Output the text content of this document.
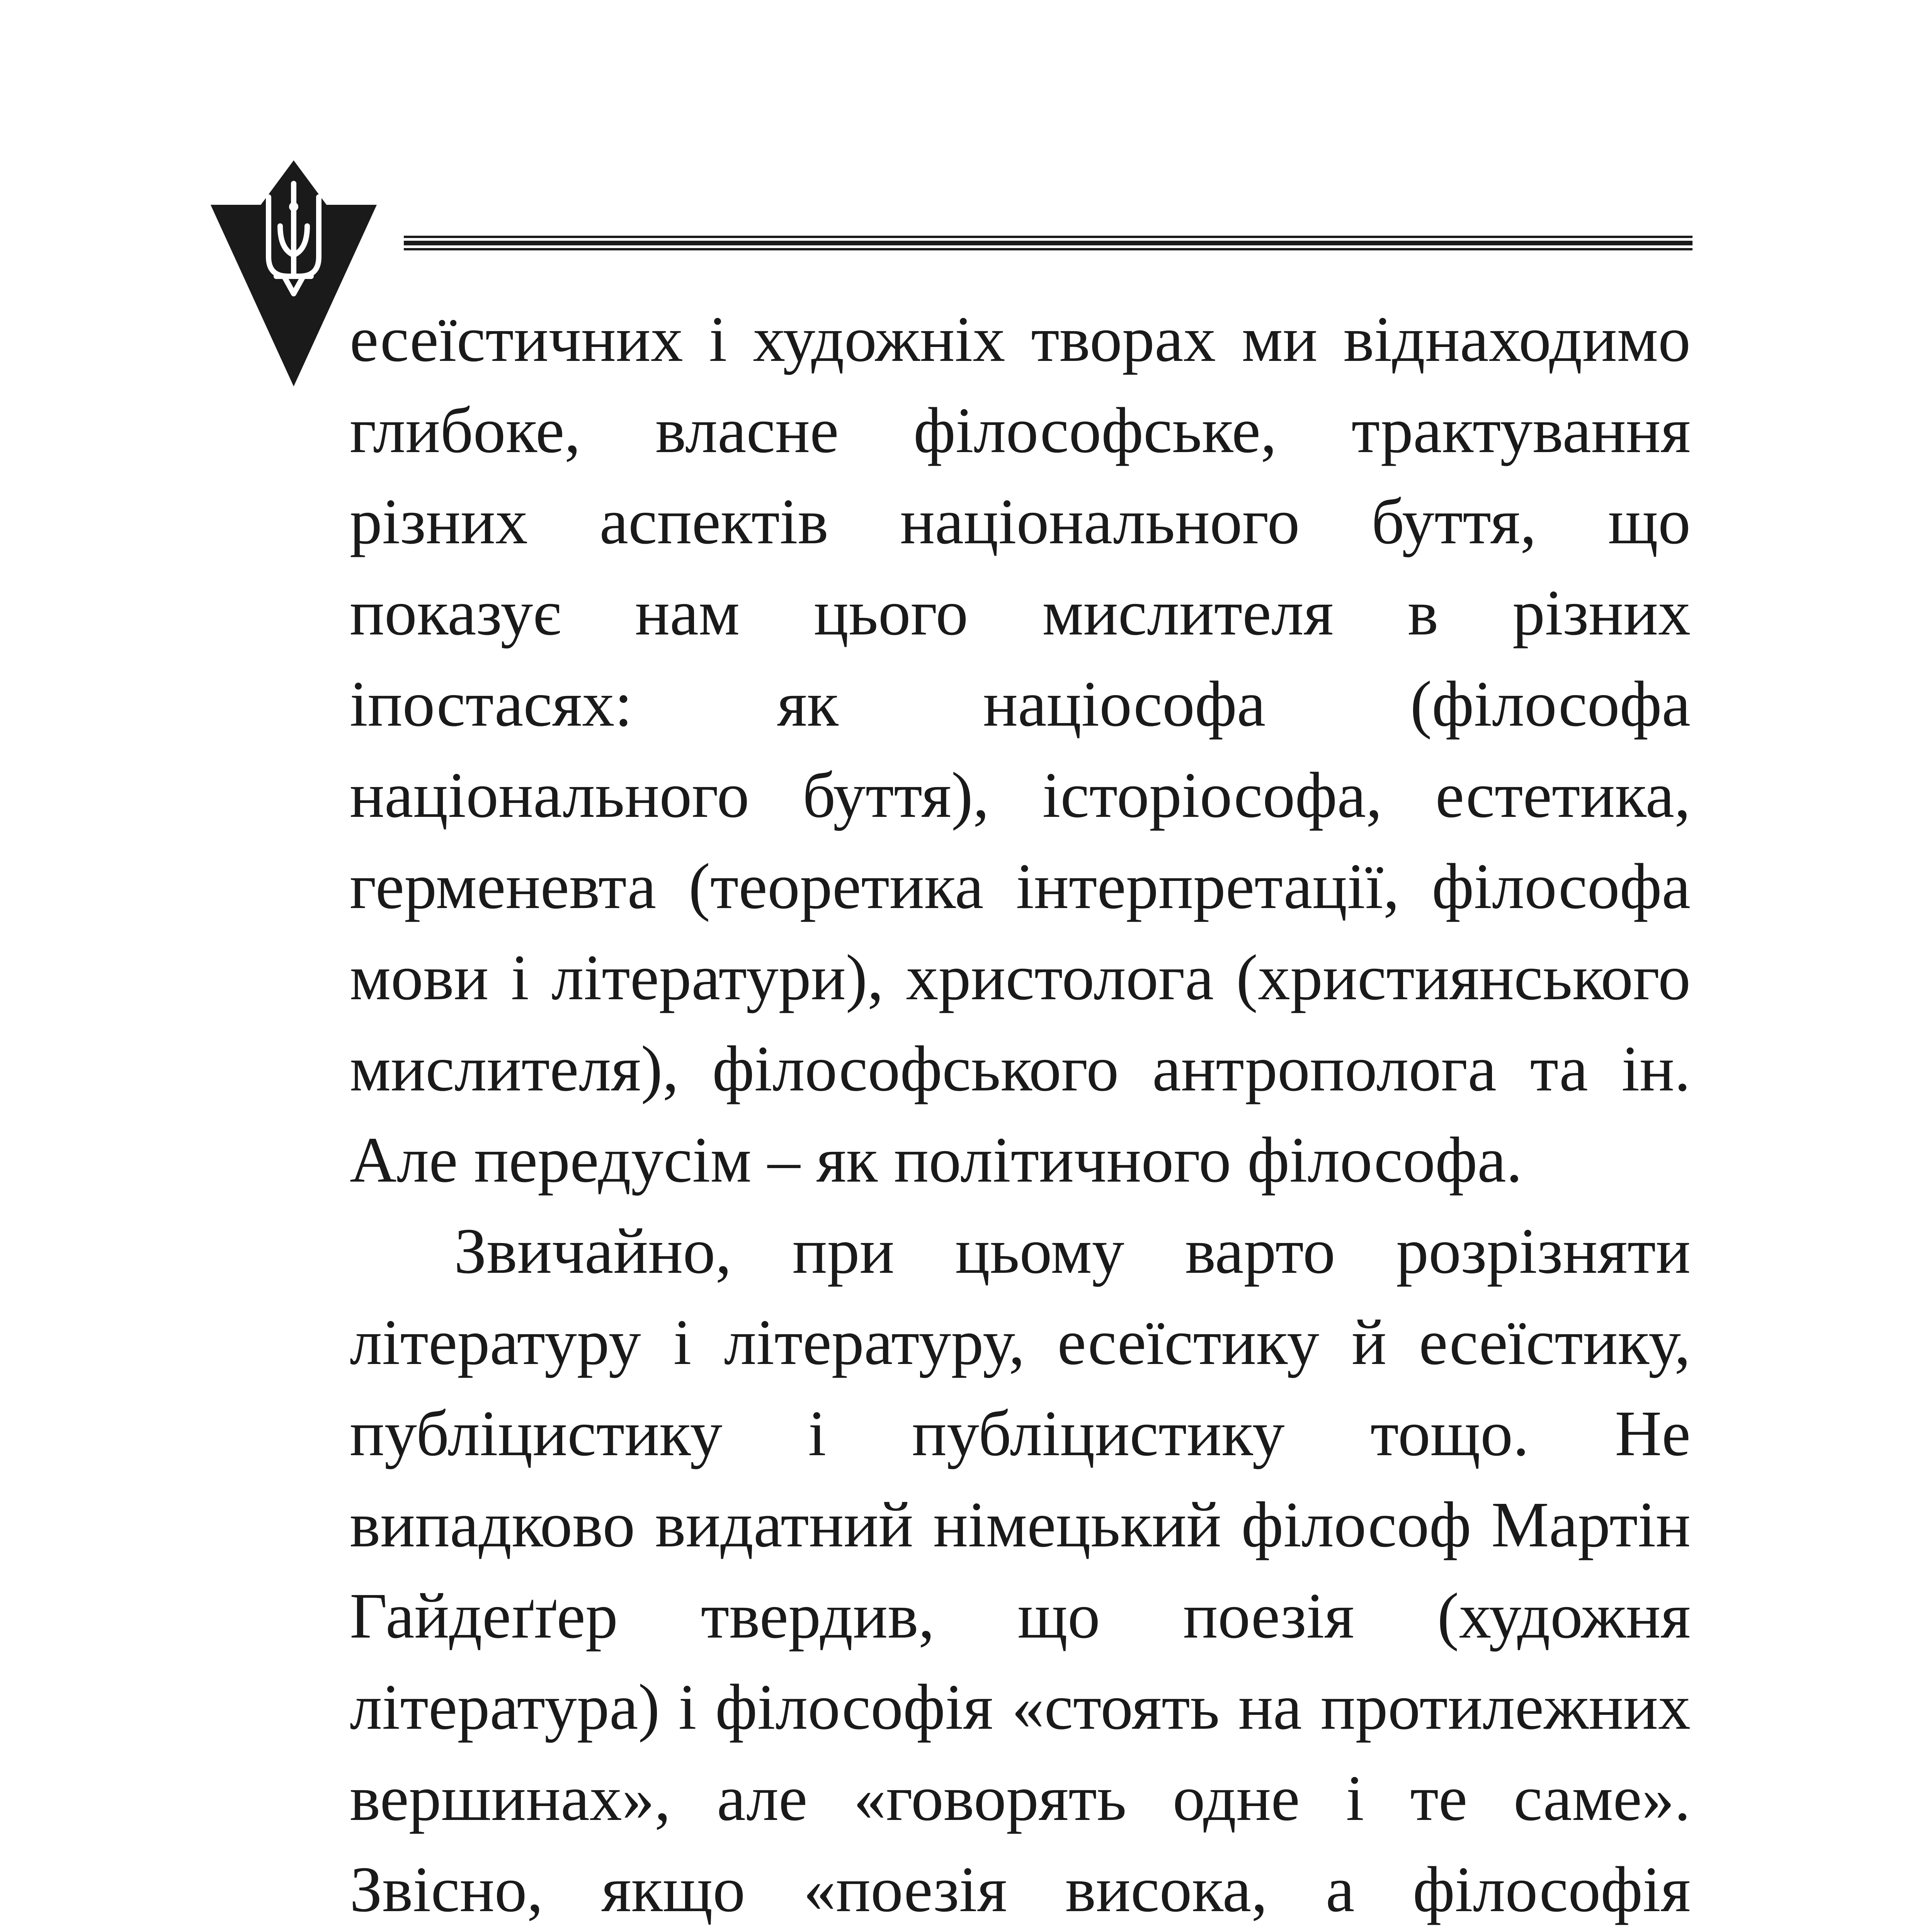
есеїстичних і художніх творах ми віднаходимо глибоке, власне філософське, трактування різних аспектів національного буття, що показує нам цього мислителя в різних іпостасях: як націософа (філософа національного буття), історіософа, естетика, герменевта (теоретика інтерпретації, філософа мови і літератури), христолога (християнського мислителя), філософського антрополога та ін. Але передусім – як політичного філософа.

Звичайно, при цьому варто розрізняти літературу і літературу, есеїстику й есеїстику, публіцистику і публіцистику тощо. Не випадково видатний німецький філософ Мартін Гайдеґґер твердив, що поезія (художня література) і філософія «стоять на протилежних вершинах», але «говорять одне і те саме». Звісно, якщо «поезія висока, а філософія
